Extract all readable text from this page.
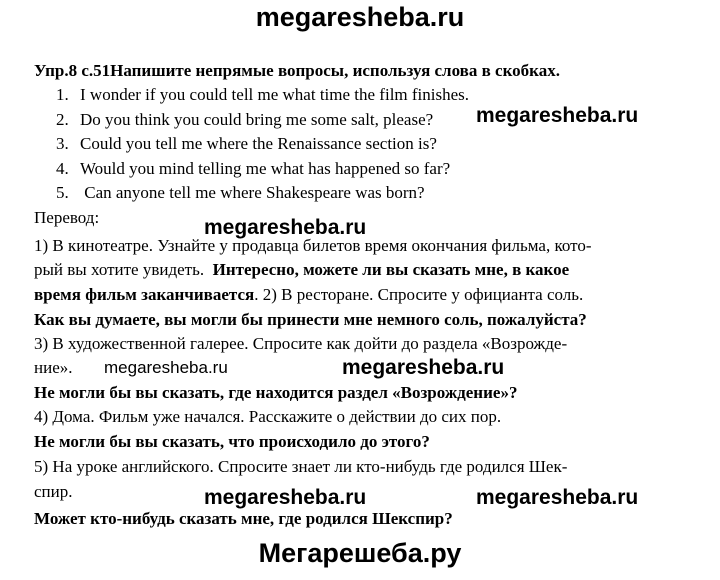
megaresheba.ru
Упр.8 с.51Напишите непрямые вопросы, используя слова в скобках.
1. I wonder if you could tell me what time the film finishes.
2. Do you think you could bring me some salt, please?
3. Could you tell me where the Renaissance section is?
4. Would you mind telling me what has happened so far?
5. Can anyone tell me where Shakespeare was born?
megaresheba.ru
Перевод:	megaresheba.ru
1) В кинотеатре. Узнайте у продавца билетов время окончания фильма, кото-
рый вы хотите увидеть. Интересно, можете ли вы сказать мне, в какое
время фильм заканчивается. 2) В ресторане. Спросите у официанта соль.
Как вы думаете, вы могли бы принести мне немного соль, пожалуйста?
3) В художественной галерее. Спросите как дойти до раздела «Возрожде-
ние». megaresheba.ru	megaresheba.ru
Не могли бы вы сказать, где находится раздел «Возрождение»?
4) Дома. Фильм уже начался. Расскажите о действии до сих пор.
Не могли бы вы сказать, что происходило до этого?
5) На уроке английского. Спросите знает ли кто-нибудь где родился Шек-
спир.	megaresheba.ru	megaresheba.ru
Может кто-нибудь сказать мне, где родился Шекспир?
Мегарешеба.ру
